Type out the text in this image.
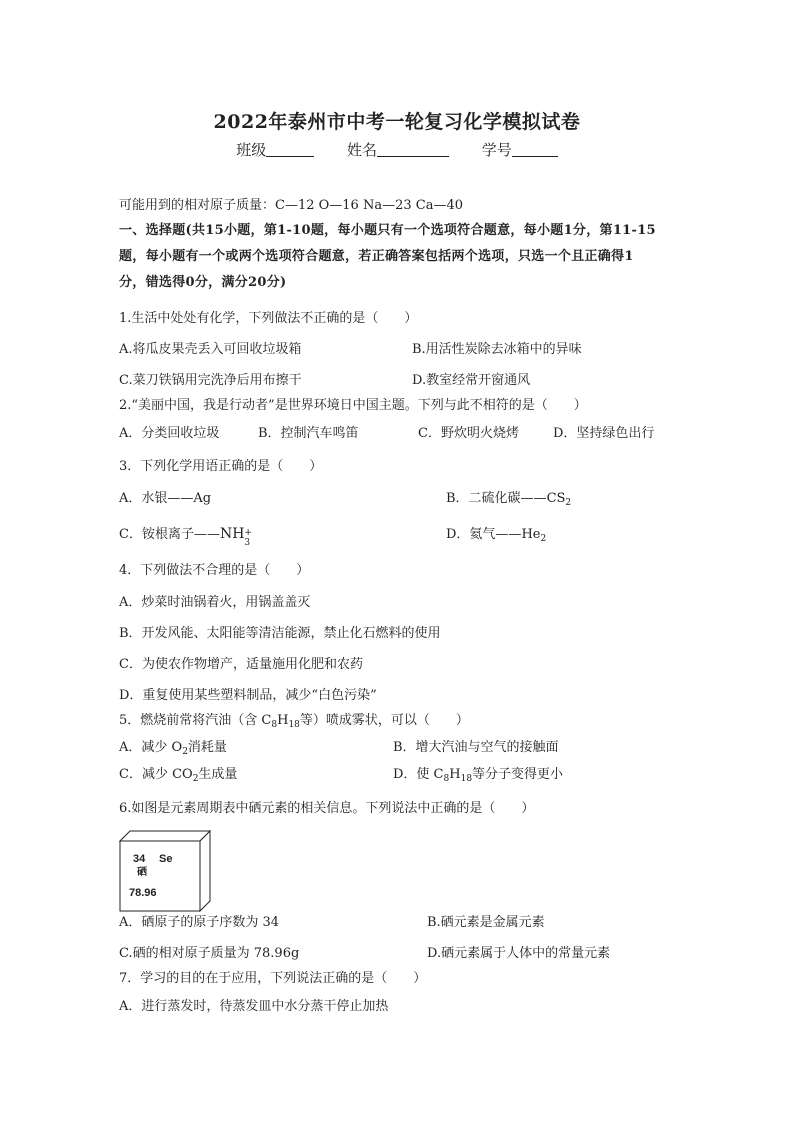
2022年泰州市中考一轮复习化学模拟试卷
班级	姓名	学号
可能用到的相对原子质量：C—12 O—16 Na—23 Ca—40
一、选择题(共15小题，第1-10题，每小题只有一个选项符合题意，每小题1分，第11-15
题，每小题有一个或两个选项符合题意，若正确答案包括两个选项，只选一个且正确得1
分，错选得0分，满分20分)
1.生活中处处有化学，下列做法不正确的是（　　）
A.将瓜皮果壳丢入可回收垃圾箱	B.用活性炭除去冰箱中的异味
C.菜刀铁锅用完洗净后用布擦干	D.教室经常开窗通风
2.“美丽中国，我是行动者”是世界环境日中国主题。下列与此不相符的是（　　）
A．分类回收垃圾	B．控制汽车鸣笛	C．野炊明火烧烤	D．坚持绿色出行
3．下列化学用语正确的是（　　）
A．水银——Ag	B．二硫化碳$——CS_2$
C．铵根离子——NH +
3
D．氦气$——He_2$
4．下列做法不合理的是（　　）
A．炒菜时油锅着火，用锅盖盖灭
B．开发风能、太阳能等清洁能源，禁止化石燃料的使用
C．为使农作物增产，适量施用化肥和农药
D．重复使用某些塑料制品，减少“白色污染”
5．燃烧前常将汽油（含 $C_8H_{18}$等）喷成雾状，可以（　　）
A．减少 $O_2$消耗量	B．增大汽油与空气的接触面
C．减少 $CO_2$生成量	D．使 $C_8H_{18}$等分子变得更小
6.如图是元素周期表中硒元素的相关信息。下列说法中正确的是（　　）
34 Se
硒
78.96
A．硒原子的原子序数为 34	B.硒元素是金属元素
C.硒的相对原子质量为 78.96g	D.硒元素属于人体中的常量元素
7．学习的目的在于应用，下列说法正确的是（　　）
A．进行蒸发时，待蒸发皿中水分蒸干停止加热
